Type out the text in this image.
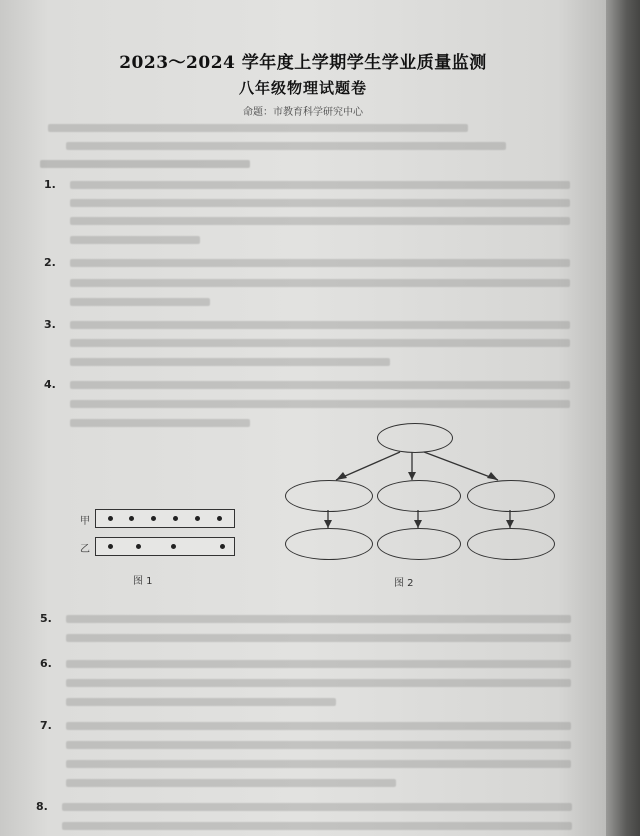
2023～2024 学年度上学期学生学业质量监测
八年级物理试题卷
命题：市教育科学研究中心
1.
2.
3.
4.
甲
乙
图 1	图 2
5.
6.
7.
8.
